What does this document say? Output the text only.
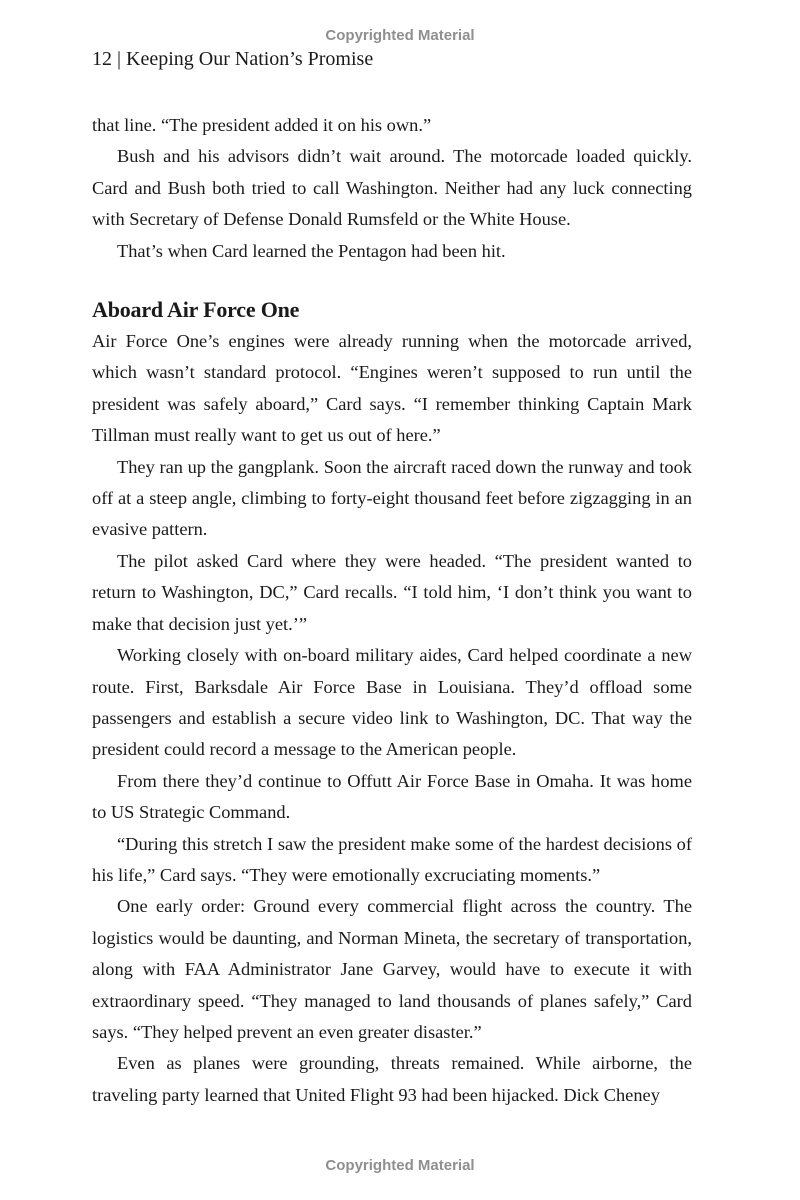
Copyrighted Material
12 | Keeping Our Nation’s Promise

that line. “The president added it on his own.”

Bush and his advisors didn’t wait around. The motorcade loaded quickly. Card and Bush both tried to call Washington. Neither had any luck connecting with Secretary of Defense Donald Rumsfeld or the White House.

That’s when Card learned the Pentagon had been hit.

Aboard Air Force One

Air Force One’s engines were already running when the motorcade arrived, which wasn’t standard protocol. “Engines weren’t supposed to run until the president was safely aboard,” Card says. “I remember thinking Captain Mark Tillman must really want to get us out of here.”

They ran up the gangplank. Soon the aircraft raced down the runway and took off at a steep angle, climbing to forty-eight thousand feet before zigzagging in an evasive pattern.

The pilot asked Card where they were headed. “The president wanted to return to Washington, DC,” Card recalls. “I told him, ‘I don’t think you want to make that decision just yet.’”

Working closely with on-board military aides, Card helped coordinate a new route. First, Barksdale Air Force Base in Louisiana. They’d offload some passengers and establish a secure video link to Washington, DC. That way the president could record a message to the American people.

From there they’d continue to Offutt Air Force Base in Omaha. It was home to US Strategic Command.

“During this stretch I saw the president make some of the hardest decisions of his life,” Card says. “They were emotionally excruciating moments.”

One early order: Ground every commercial flight across the country. The logistics would be daunting, and Norman Mineta, the secretary of transportation, along with FAA Administrator Jane Garvey, would have to execute it with extraordinary speed. “They managed to land thousands of planes safely,” Card says. “They helped prevent an even greater disaster.”

Even as planes were grounding, threats remained. While airborne, the traveling party learned that United Flight 93 had been hijacked. Dick Cheney

Copyrighted Material
